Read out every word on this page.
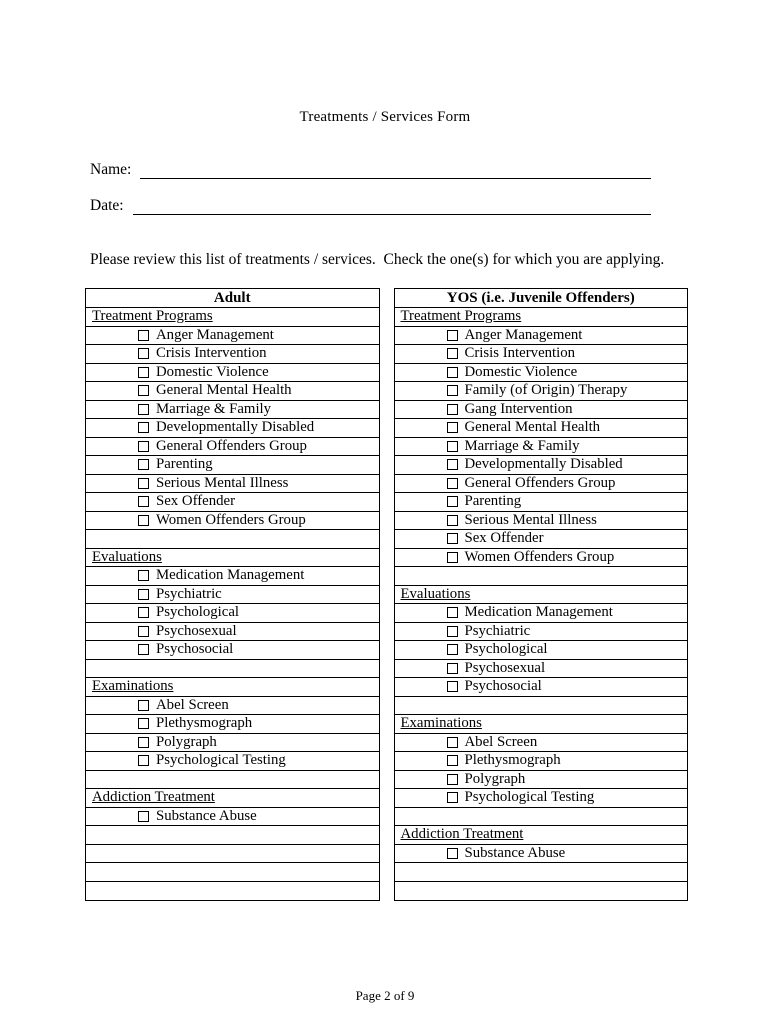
Treatments / Services Form
Name:
Date:
Please review this list of treatments / services.  Check the one(s) for which you are applying.
Adult
Treatment Programs
Anger Management
Crisis Intervention
Domestic Violence
General Mental Health
Marriage & Family
Developmentally Disabled
General Offenders Group
Parenting
Serious Mental Illness
Sex Offender
Women Offenders Group
Evaluations
Medication Management
Psychiatric
Psychological
Psychosexual
Psychosocial
Examinations
Abel Screen
Plethysmograph
Polygraph
Psychological Testing
Addiction Treatment
Substance Abuse
YOS (i.e. Juvenile Offenders)
Treatment Programs
Anger Management
Crisis Intervention
Domestic Violence
Family (of Origin) Therapy
Gang Intervention
General Mental Health
Marriage & Family
Developmentally Disabled
General Offenders Group
Parenting
Serious Mental Illness
Sex Offender
Women Offenders Group
Evaluations
Medication Management
Psychiatric
Psychological
Psychosexual
Psychosocial
Examinations
Abel Screen
Plethysmograph
Polygraph
Psychological Testing
Addiction Treatment
Substance Abuse
Page 2 of 9
